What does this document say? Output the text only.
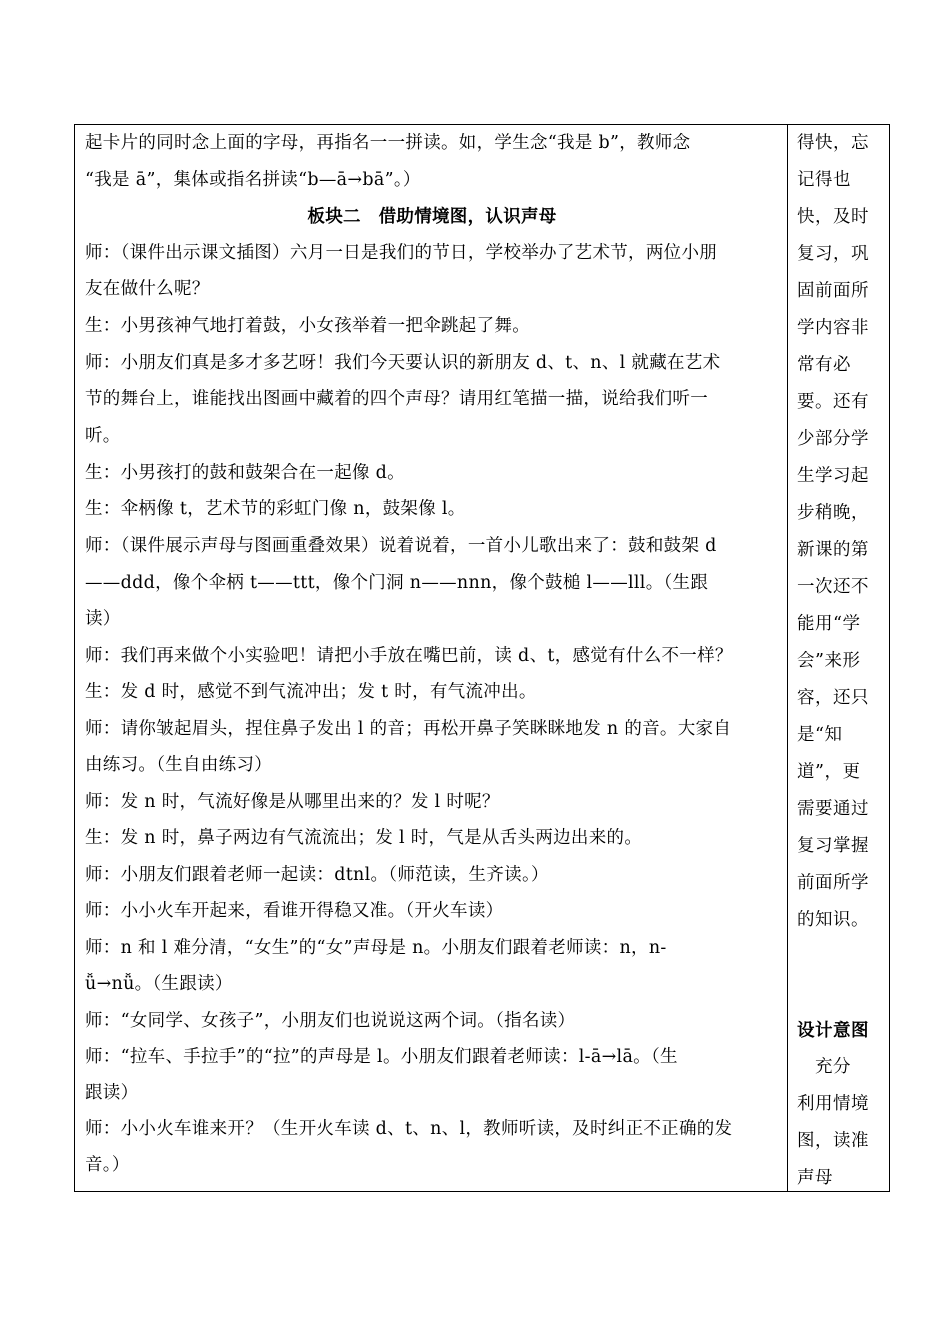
起卡片的同时念上面的字母，再指名一一拼读。如，学生念“我是 b”，教师念
“我是 ā”，集体或指名拼读“b—ā→bā”。）
板块二　借助情境图，认识声母
师：（课件出示课文插图）六月一日是我们的节日，学校举办了艺术节，两位小朋
友在做什么呢？
生：小男孩神气地打着鼓，小女孩举着一把伞跳起了舞。
师：小朋友们真是多才多艺呀！我们今天要认识的新朋友 d、t、n、l 就藏在艺术
节的舞台上，谁能找出图画中藏着的四个声母？请用红笔描一描，说给我们听一
听。
生：小男孩打的鼓和鼓架合在一起像 d。
生：伞柄像 t，艺术节的彩虹门像 n，鼓架像 l。
师：（课件展示声母与图画重叠效果）说着说着，一首小儿歌出来了：鼓和鼓架 d
——ddd，像个伞柄 t——ttt，像个门洞 n——nnn，像个鼓槌 l——lll。（生跟
读）
师：我们再来做个小实验吧！请把小手放在嘴巴前，读 d、t，感觉有什么不一样？
生：发 d 时，感觉不到气流冲出；发 t 时，有气流冲出。
师：请你皱起眉头，捏住鼻子发出 l 的音；再松开鼻子笑眯眯地发 n 的音。大家自
由练习。（生自由练习）
师：发 n 时，气流好像是从哪里出来的？发 l 时呢？
生：发 n 时，鼻子两边有气流流出；发 l 时，气是从舌头两边出来的。
师：小朋友们跟着老师一起读：dtnl。（师范读，生齐读。）
师：小小火车开起来，看谁开得稳又准。（开火车读）
师：n 和 l 难分清，“女生”的“女”声母是 n。小朋友们跟着老师读：n，n-
ǚ→nǚ。（生跟读）
师：“女同学、女孩子”，小朋友们也说说这两个词。（指名读）
师：“拉车、手拉手”的“拉”的声母是 l。小朋友们跟着老师读：l-ā→lā。（生
跟读）
师：小小火车谁来开？（生开火车读 d、t、n、l，教师听读，及时纠正不正确的发
音。）
得快，忘
记得也
快，及时
复习，巩
固前面所
学内容非
常有必
要。还有
少部分学
生学习起
步稍晚，
新课的第
一次还不
能用“学
会”来形
容，还只
是“知
道”，更
需要通过
复习掌握
前面所学
的知识。
设计意图
　充分
利用情境
图，读准
声母
